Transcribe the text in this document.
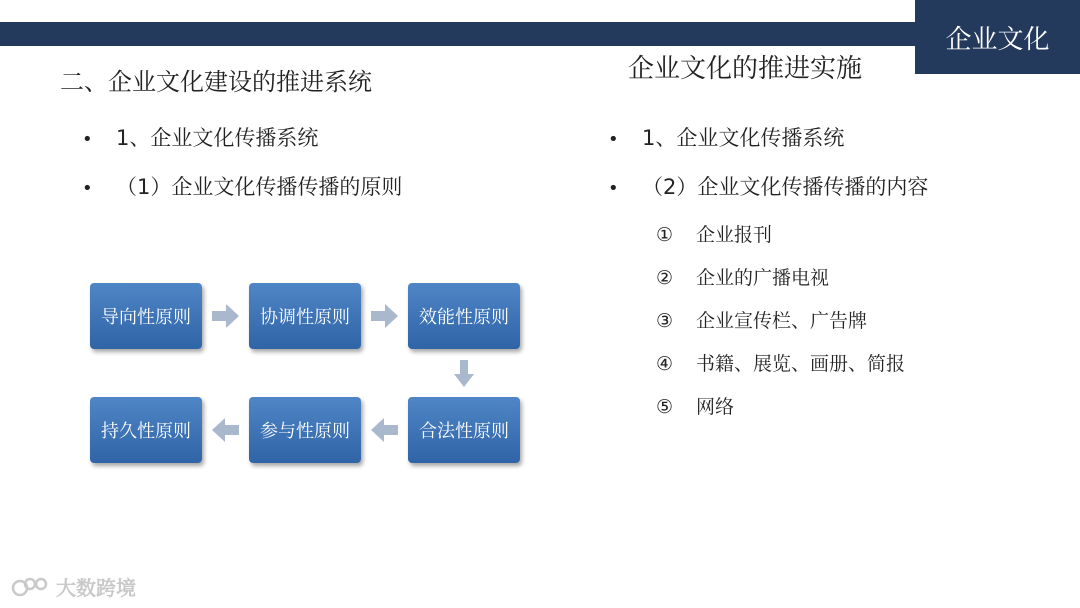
企业文化
二、企业文化建设的推进系统
• 1、企业文化传播系统
• （1）企业文化传播传播的原则
导向性原则	协调性原则	效能性原则
持久性原则	参与性原则	合法性原则
企业文化的推进实施
• 1、企业文化传播系统
• （2）企业文化传播传播的内容
① 企业报刊
② 企业的广播电视
③ 企业宣传栏、广告牌
④ 书籍、展览、画册、简报
⑤ 网络
大数跨境
